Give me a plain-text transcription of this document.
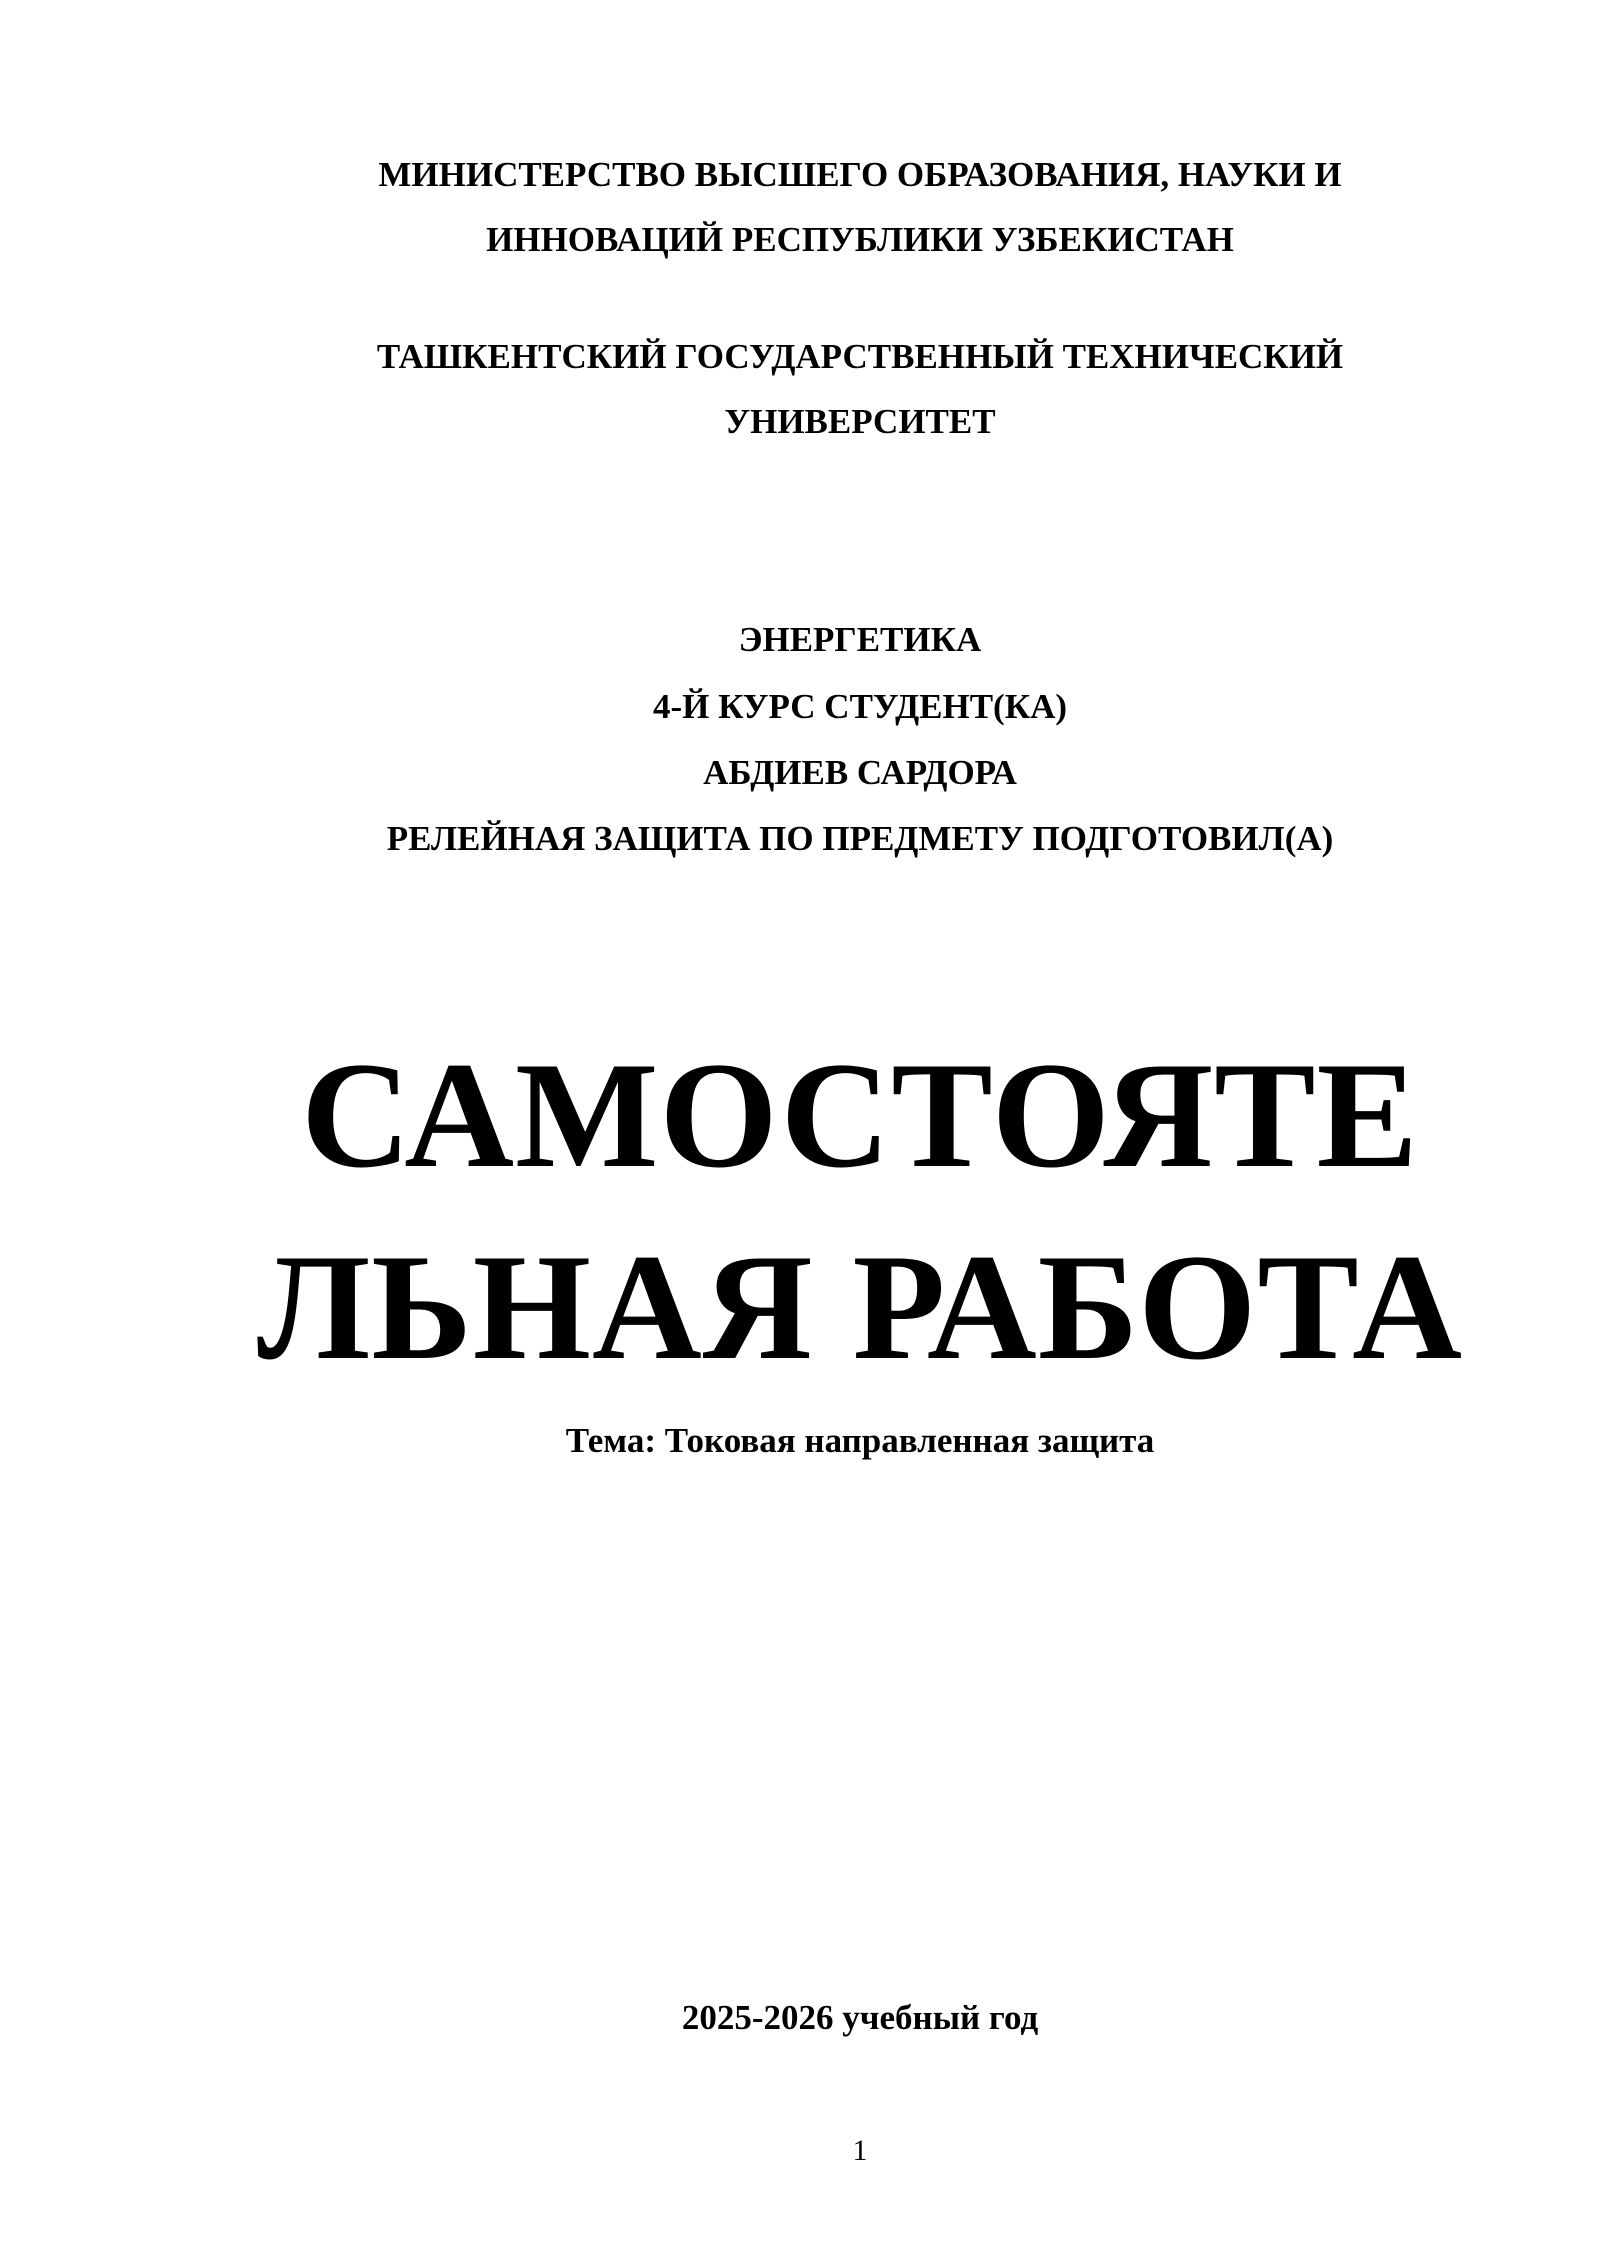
МИНИСТЕРСТВО ВЫСШЕГО ОБРАЗОВАНИЯ, НАУКИ И
ИННОВАЦИЙ РЕСПУБЛИКИ УЗБЕКИСТАН
ТАШКЕНТСКИЙ ГОСУДАРСТВЕННЫЙ ТЕХНИЧЕСКИЙ
УНИВЕРСИТЕТ
ЭНЕРГЕТИКА
4-Й КУРС СТУДЕНТ(КА)
АБДИЕВ САРДОРА
РЕЛЕЙНАЯ ЗАЩИТА ПО ПРЕДМЕТУ ПОДГОТОВИЛ(А)
САМОСТОЯТЕ
ЛЬНАЯ РАБОТА
Тема: Токовая направленная защита
2025-2026 учебный год
1
